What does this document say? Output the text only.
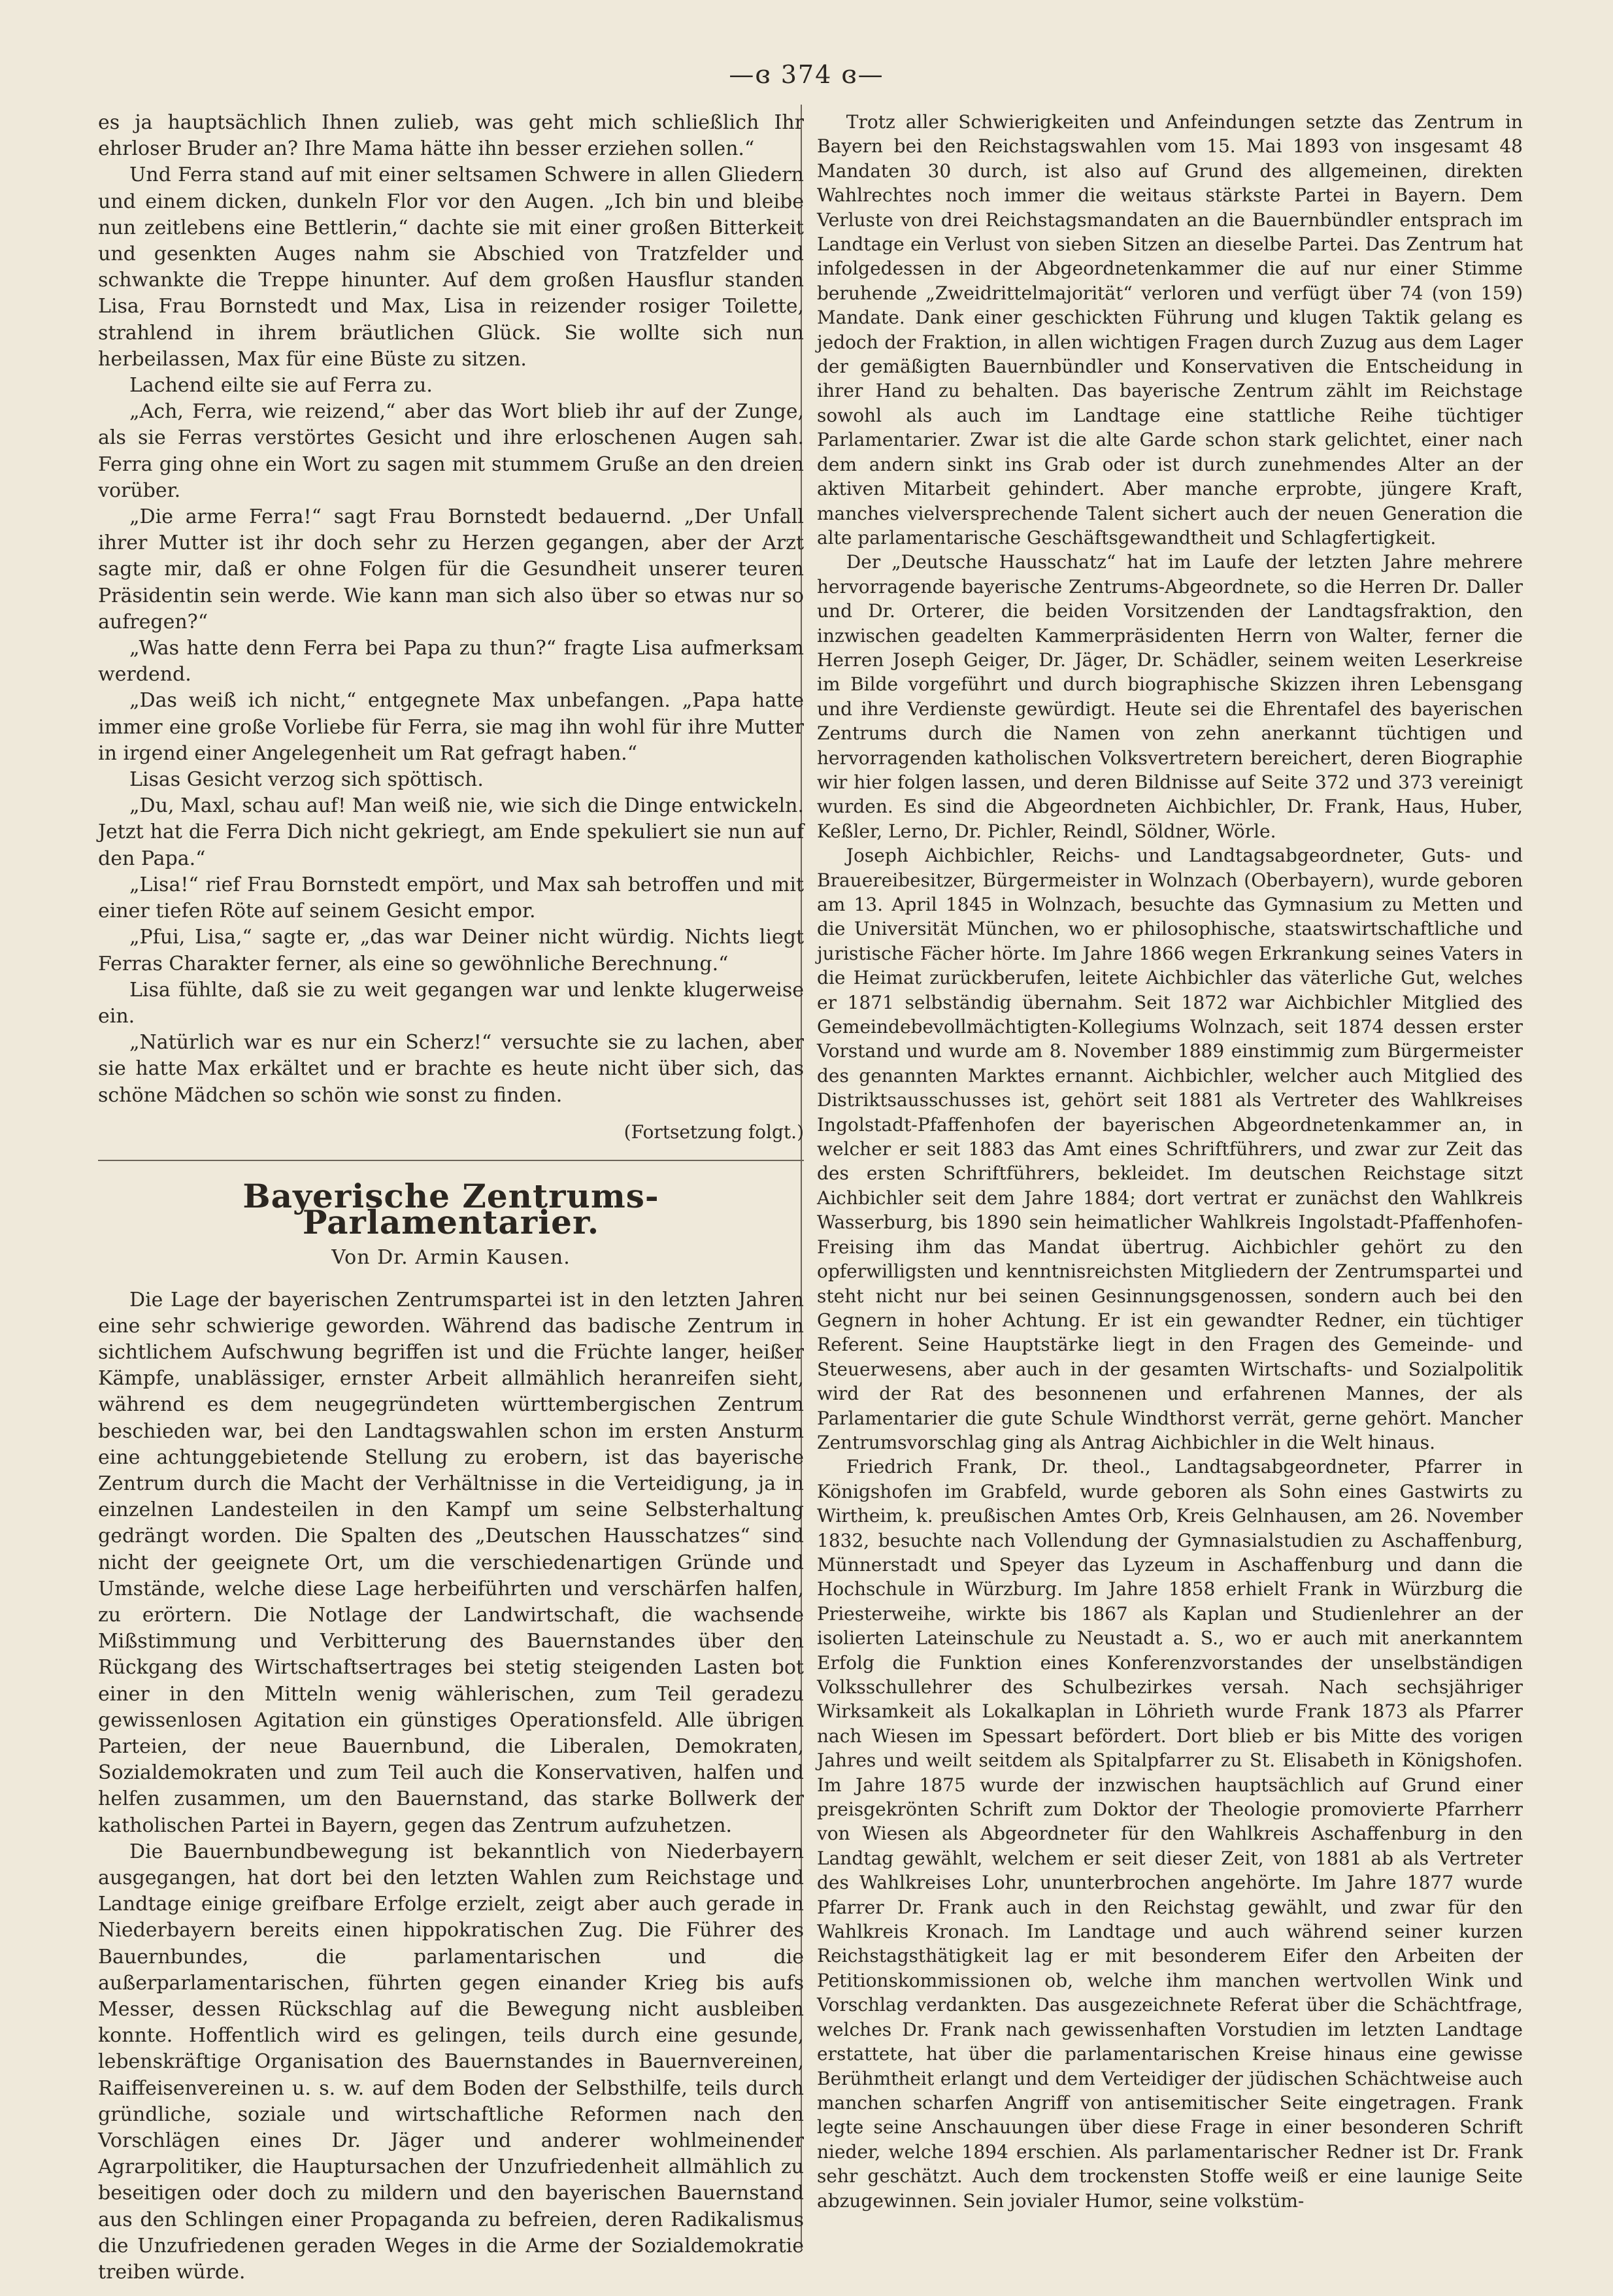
—ɞ 374 ɞ—

es ja hauptsächlich Ihnen zulieb, was geht mich schließlich Ihr ehrloser Bruder an? Ihre Mama hätte ihn besser erziehen sollen.“

Und Ferra stand auf mit einer seltsamen Schwere in allen Gliedern und einem dicken, dunkeln Flor vor den Augen. „Ich bin und bleibe nun zeitlebens eine Bettlerin,“ dachte sie mit einer großen Bitterkeit und gesenkten Auges nahm sie Abschied von Tratzfelder und schwankte die Treppe hinunter. Auf dem großen Hausflur standen Lisa, Frau Bornstedt und Max, Lisa in reizender rosiger Toilette, strahlend in ihrem bräutlichen Glück. Sie wollte sich nun herbeilassen, Max für eine Büste zu sitzen.

Lachend eilte sie auf Ferra zu.

„Ach, Ferra, wie reizend,“ aber das Wort blieb ihr auf der Zunge, als sie Ferras verstörtes Gesicht und ihre erloschenen Augen sah. Ferra ging ohne ein Wort zu sagen mit stummem Gruße an den dreien vorüber.

„Die arme Ferra!“ sagt Frau Bornstedt bedauernd. „Der Unfall ihrer Mutter ist ihr doch sehr zu Herzen gegangen, aber der Arzt sagte mir, daß er ohne Folgen für die Gesundheit unserer teuren Präsidentin sein werde. Wie kann man sich also über so etwas nur so aufregen?“

„Was hatte denn Ferra bei Papa zu thun?“ fragte Lisa aufmerksam werdend.

„Das weiß ich nicht,“ entgegnete Max unbefangen. „Papa hatte immer eine große Vorliebe für Ferra, sie mag ihn wohl für ihre Mutter in irgend einer Angelegenheit um Rat gefragt haben.“

Lisas Gesicht verzog sich spöttisch.

„Du, Maxl, schau auf! Man weiß nie, wie sich die Dinge entwickeln. Jetzt hat die Ferra Dich nicht gekriegt, am Ende spekuliert sie nun auf den Papa.“

„Lisa!“ rief Frau Bornstedt empört, und Max sah betroffen und mit einer tiefen Röte auf seinem Gesicht empor.

„Pfui, Lisa,“ sagte er, „das war Deiner nicht würdig. Nichts liegt Ferras Charakter ferner, als eine so gewöhnliche Berechnung.“

Lisa fühlte, daß sie zu weit gegangen war und lenkte klugerweise ein.

„Natürlich war es nur ein Scherz!“ versuchte sie zu lachen, aber sie hatte Max erkältet und er brachte es heute nicht über sich, das schöne Mädchen so schön wie sonst zu finden.

(Fortsetzung folgt.)
Bayerische Zentrums-Parlamentarier.
Von Dr. Armin Kausen.

Die Lage der bayerischen Zentrumspartei ist in den letzten Jahren eine sehr schwierige geworden. Während das badische Zentrum in sichtlichem Aufschwung begriffen ist und die Früchte langer, heißer Kämpfe, unablässiger, ernster Arbeit allmählich heranreifen sieht, während es dem neugegründeten württembergischen Zentrum beschieden war, bei den Landtagswahlen schon im ersten Ansturm eine achtunggebietende Stellung zu erobern, ist das bayerische Zentrum durch die Macht der Verhältnisse in die Verteidigung, ja in einzelnen Landesteilen in den Kampf um seine Selbsterhaltung gedrängt worden. Die Spalten des „Deutschen Hausschatzes“ sind nicht der geeignete Ort, um die verschiedenartigen Gründe und Umstände, welche diese Lage herbeiführten und verschärfen halfen, zu erörtern. Die Notlage der Landwirtschaft, die wachsende Mißstimmung und Verbitterung des Bauernstandes über den Rückgang des Wirtschaftsertrages bei stetig steigenden Lasten bot einer in den Mitteln wenig wählerischen, zum Teil geradezu gewissenlosen Agitation ein günstiges Operationsfeld. Alle übrigen Parteien, der neue Bauernbund, die Liberalen, Demokraten, Sozialdemokraten und zum Teil auch die Konservativen, halfen und helfen zusammen, um den Bauernstand, das starke Bollwerk der katholischen Partei in Bayern, gegen das Zentrum aufzuhetzen.

Die Bauernbundbewegung ist bekanntlich von Niederbayern ausgegangen, hat dort bei den letzten Wahlen zum Reichstage und Landtage einige greifbare Erfolge erzielt, zeigt aber auch gerade in Niederbayern bereits einen hippokratischen Zug. Die Führer des Bauernbundes, die parlamentarischen und die außerparlamentarischen, führten gegen einander Krieg bis aufs Messer, dessen Rückschlag auf die Bewegung nicht ausbleiben konnte. Hoffentlich wird es gelingen, teils durch eine gesunde, lebenskräftige Organisation des Bauernstandes in Bauernvereinen, Raiffeisenvereinen u. s. w. auf dem Boden der Selbsthilfe, teils durch gründliche, soziale und wirtschaftliche Reformen nach den Vorschlägen eines Dr. Jäger und anderer wohlmeinender Agrarpolitiker, die Hauptursachen der Unzufriedenheit allmählich zu beseitigen oder doch zu mildern und den bayerischen Bauernstand aus den Schlingen einer Propaganda zu befreien, deren Radikalismus die Unzufriedenen geraden Weges in die Arme der Sozialdemokratie treiben würde.

Trotz aller Schwierigkeiten und Anfeindungen setzte das Zentrum in Bayern bei den Reichstagswahlen vom 15. Mai 1893 von insgesamt 48 Mandaten 30 durch, ist also auf Grund des allgemeinen, direkten Wahlrechtes noch immer die weitaus stärkste Partei in Bayern. Dem Verluste von drei Reichstagsmandaten an die Bauernbündler entsprach im Landtage ein Verlust von sieben Sitzen an dieselbe Partei. Das Zentrum hat infolgedessen in der Abgeordnetenkammer die auf nur einer Stimme beruhende „Zweidrittelmajorität“ verloren und verfügt über 74 (von 159) Mandate. Dank einer geschickten Führung und klugen Taktik gelang es jedoch der Fraktion, in allen wichtigen Fragen durch Zuzug aus dem Lager der gemäßigten Bauernbündler und Konservativen die Entscheidung in ihrer Hand zu behalten. Das bayerische Zentrum zählt im Reichstage sowohl als auch im Landtage eine stattliche Reihe tüchtiger Parlamentarier. Zwar ist die alte Garde schon stark gelichtet, einer nach dem andern sinkt ins Grab oder ist durch zunehmendes Alter an der aktiven Mitarbeit gehindert. Aber manche erprobte, jüngere Kraft, manches vielversprechende Talent sichert auch der neuen Generation die alte parlamentarische Geschäftsgewandtheit und Schlagfertigkeit.

Der „Deutsche Hausschatz“ hat im Laufe der letzten Jahre mehrere hervorragende bayerische Zentrums-Abgeordnete, so die Herren Dr. Daller und Dr. Orterer, die beiden Vorsitzenden der Landtagsfraktion, den inzwischen geadelten Kammerpräsidenten Herrn von Walter, ferner die Herren Joseph Geiger, Dr. Jäger, Dr. Schädler, seinem weiten Leserkreise im Bilde vorgeführt und durch biographische Skizzen ihren Lebensgang und ihre Verdienste gewürdigt. Heute sei die Ehrentafel des bayerischen Zentrums durch die Namen von zehn anerkannt tüchtigen und hervorragenden katholischen Volksvertretern bereichert, deren Biographie wir hier folgen lassen, und deren Bildnisse auf Seite 372 und 373 vereinigt wurden. Es sind die Abgeordneten Aichbichler, Dr. Frank, Haus, Huber, Keßler, Lerno, Dr. Pichler, Reindl, Söldner, Wörle.

Joseph Aichbichler, Reichs- und Landtagsabgeordneter, Guts- und Brauereibesitzer, Bürgermeister in Wolnzach (Oberbayern), wurde geboren am 13. April 1845 in Wolnzach, besuchte das Gymnasium zu Metten und die Universität München, wo er philosophische, staatswirtschaftliche und juristische Fächer hörte. Im Jahre 1866 wegen Erkrankung seines Vaters in die Heimat zurückberufen, leitete Aichbichler das väterliche Gut, welches er 1871 selbständig übernahm. Seit 1872 war Aichbichler Mitglied des Gemeindebevollmächtigten-Kollegiums Wolnzach, seit 1874 dessen erster Vorstand und wurde am 8. November 1889 einstimmig zum Bürgermeister des genannten Marktes ernannt. Aichbichler, welcher auch Mitglied des Distriktsausschusses ist, gehört seit 1881 als Vertreter des Wahlkreises Ingolstadt-Pfaffenhofen der bayerischen Abgeordnetenkammer an, in welcher er seit 1883 das Amt eines Schriftführers, und zwar zur Zeit das des ersten Schriftführers, bekleidet. Im deutschen Reichstage sitzt Aichbichler seit dem Jahre 1884; dort vertrat er zunächst den Wahlkreis Wasserburg, bis 1890 sein heimatlicher Wahlkreis Ingolstadt-Pfaffenhofen-Freising ihm das Mandat übertrug. Aichbichler gehört zu den opferwilligsten und kenntnisreichsten Mitgliedern der Zentrumspartei und steht nicht nur bei seinen Gesinnungsgenossen, sondern auch bei den Gegnern in hoher Achtung. Er ist ein gewandter Redner, ein tüchtiger Referent. Seine Hauptstärke liegt in den Fragen des Gemeinde- und Steuerwesens, aber auch in der gesamten Wirtschafts- und Sozialpolitik wird der Rat des besonnenen und erfahrenen Mannes, der als Parlamentarier die gute Schule Windthorst verrät, gerne gehört. Mancher Zentrumsvorschlag ging als Antrag Aichbichler in die Welt hinaus.

Friedrich Frank, Dr. theol., Landtagsabgeordneter, Pfarrer in Königshofen im Grabfeld, wurde geboren als Sohn eines Gastwirts zu Wirtheim, k. preußischen Amtes Orb, Kreis Gelnhausen, am 26. November 1832, besuchte nach Vollendung der Gymnasialstudien zu Aschaffenburg, Münnerstadt und Speyer das Lyzeum in Aschaffenburg und dann die Hochschule in Würzburg. Im Jahre 1858 erhielt Frank in Würzburg die Priesterweihe, wirkte bis 1867 als Kaplan und Studienlehrer an der isolierten Lateinschule zu Neustadt a. S., wo er auch mit anerkanntem Erfolg die Funktion eines Konferenzvorstandes der unselbständigen Volksschullehrer des Schulbezirkes versah. Nach sechsjähriger Wirksamkeit als Lokalkaplan in Löhrieth wurde Frank 1873 als Pfarrer nach Wiesen im Spessart befördert. Dort blieb er bis Mitte des vorigen Jahres und weilt seitdem als Spitalpfarrer zu St. Elisabeth in Königshofen. Im Jahre 1875 wurde der inzwischen hauptsächlich auf Grund einer preisgekrönten Schrift zum Doktor der Theologie promovierte Pfarrherr von Wiesen als Abgeordneter für den Wahlkreis Aschaffenburg in den Landtag gewählt, welchem er seit dieser Zeit, von 1881 ab als Vertreter des Wahlkreises Lohr, ununterbrochen angehörte. Im Jahre 1877 wurde Pfarrer Dr. Frank auch in den Reichstag gewählt, und zwar für den Wahlkreis Kronach. Im Landtage und auch während seiner kurzen Reichstagsthätigkeit lag er mit besonderem Eifer den Arbeiten der Petitionskommissionen ob, welche ihm manchen wertvollen Wink und Vorschlag verdankten. Das ausgezeichnete Referat über die Schächtfrage, welches Dr. Frank nach gewissenhaften Vorstudien im letzten Landtage erstattete, hat über die parlamentarischen Kreise hinaus eine gewisse Berühmtheit erlangt und dem Verteidiger der jüdischen Schächtweise auch manchen scharfen Angriff von antisemitischer Seite eingetragen. Frank legte seine Anschauungen über diese Frage in einer besonderen Schrift nieder, welche 1894 erschien. Als parlamentarischer Redner ist Dr. Frank sehr geschätzt. Auch dem trockensten Stoffe weiß er eine launige Seite abzugewinnen. Sein jovialer Humor, seine volkstüm-
